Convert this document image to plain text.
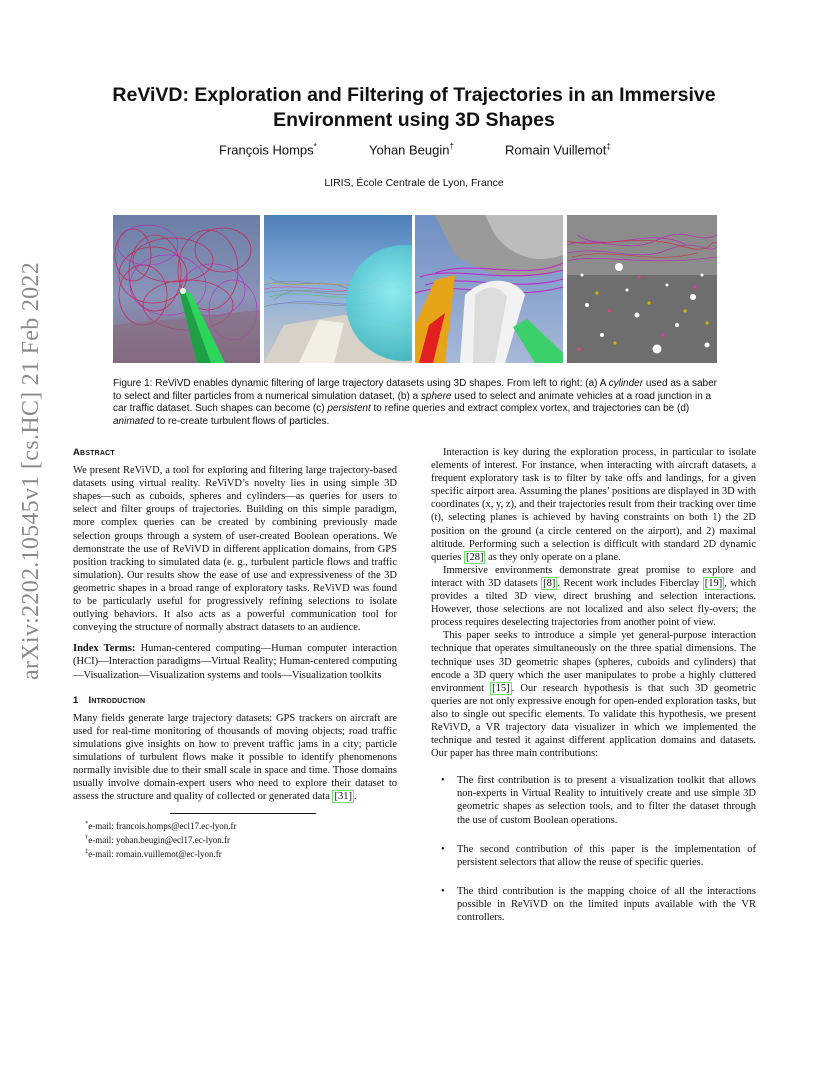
arXiv:2202.10545v1 [cs.HC] 21 Feb 2022
ReViVD: Exploration and Filtering of Trajectories in an Immersive Environment using 3D Shapes
François Homps*	Yohan Beugin†	Romain Vuillemot‡
LIRIS, École Centrale de Lyon, France
Figure 1: ReViVD enables dynamic filtering of large trajectory datasets using 3D shapes. From left to right: (a) A cylinder used as a saber to select and filter particles from a numerical simulation dataset, (b) a sphere used to select and animate vehicles at a road junction in a car traffic dataset. Such shapes can become (c) persistent to refine queries and extract complex vortex, and trajectories can be (d) animated to re-create turbulent flows of particles.
Abstract

We present ReViVD, a tool for exploring and filtering large trajectory-based datasets using virtual reality. ReViVD’s novelty lies in using simple 3D shapes—such as cuboids, spheres and cylinders—as queries for users to select and filter groups of trajectories. Building on this simple paradigm, more complex queries can be created by combining previously made selection groups through a system of user-created Boolean operations. We demonstrate the use of ReViVD in different application domains, from GPS position tracking to simulated data (e. g., turbulent particle flows and traffic simulation). Our results show the ease of use and expressiveness of the 3D geometric shapes in a broad range of exploratory tasks. ReViVD was found to be particularly useful for progressively refining selections to isolate outlying behaviors. It also acts as a powerful communication tool for conveying the structure of normally abstract datasets to an audience.

Index Terms: Human-centered computing—Human computer interaction (HCI)—Interaction paradigms—Virtual Reality; Human-centered computing—Visualization—Visualization systems and tools—Visualization toolkits

1 Introduction

Many fields generate large trajectory datasets: GPS trackers on aircraft are used for real-time monitoring of thousands of moving objects; road traffic simulations give insights on how to prevent traffic jams in a city; particle simulations of turbulent flows make it possible to identify phenomenons normally invisible due to their small scale in space and time. Those domains usually involve domain-expert users who need to explore their dataset to assess the structure and quality of collected or generated data [31] .

*e-mail: francois.homps@ecl17.ec-lyon.fr
†e-mail: yohan.beugin@ecl17.ec-lyon.fr
‡e-mail: romain.vuillemot@ec-lyon.fr

Interaction is key during the exploration process, in particular to isolate elements of interest. For instance, when interacting with aircraft datasets, a frequent exploratory task is to filter by take offs and landings, for a given specific airport area. Assuming the planes’ positions are displayed in 3D with coordinates (x, y, z), and their trajectories result from their tracking over time (t), selecting planes is achieved by having constraints on both 1) the 2D position on the ground (a circle centered on the airport), and 2) maximal altitude. Performing such a selection is difficult with standard 2D dynamic queries [28] as they only operate on a plane.

Immersive environments demonstrate great promise to explore and interact with 3D datasets [8] . Recent work includes Fiberclay [19] , which provides a tilted 3D view, direct brushing and selection interactions. However, those selections are not localized and also select fly-overs; the process requires deselecting trajectories from another point of view.

This paper seeks to introduce a simple yet general-purpose interaction technique that operates simultaneously on the three spatial dimensions. The technique uses 3D geometric shapes (spheres, cuboids and cylinders) that encode a 3D query which the user manipulates to probe a highly cluttered environment [15] . Our research hypothesis is that such 3D geometric queries are not only expressive enough for open-ended exploration tasks, but also to single out specific elements. To validate this hypothesis, we present ReViVD, a VR trajectory data visualizer in which we implemented the technique and tested it against different application domains and datasets. Our paper has three main contributions:

• The first contribution is to present a visualization toolkit that allows non-experts in Virtual Reality to intuitively create and use simple 3D geometric shapes as selection tools, and to filter the dataset through the use of custom Boolean operations.
• The second contribution of this paper is the implementation of persistent selectors that allow the reuse of specific queries.
• The third contribution is the mapping choice of all the interactions possible in ReViVD on the limited inputs available with the VR controllers.
